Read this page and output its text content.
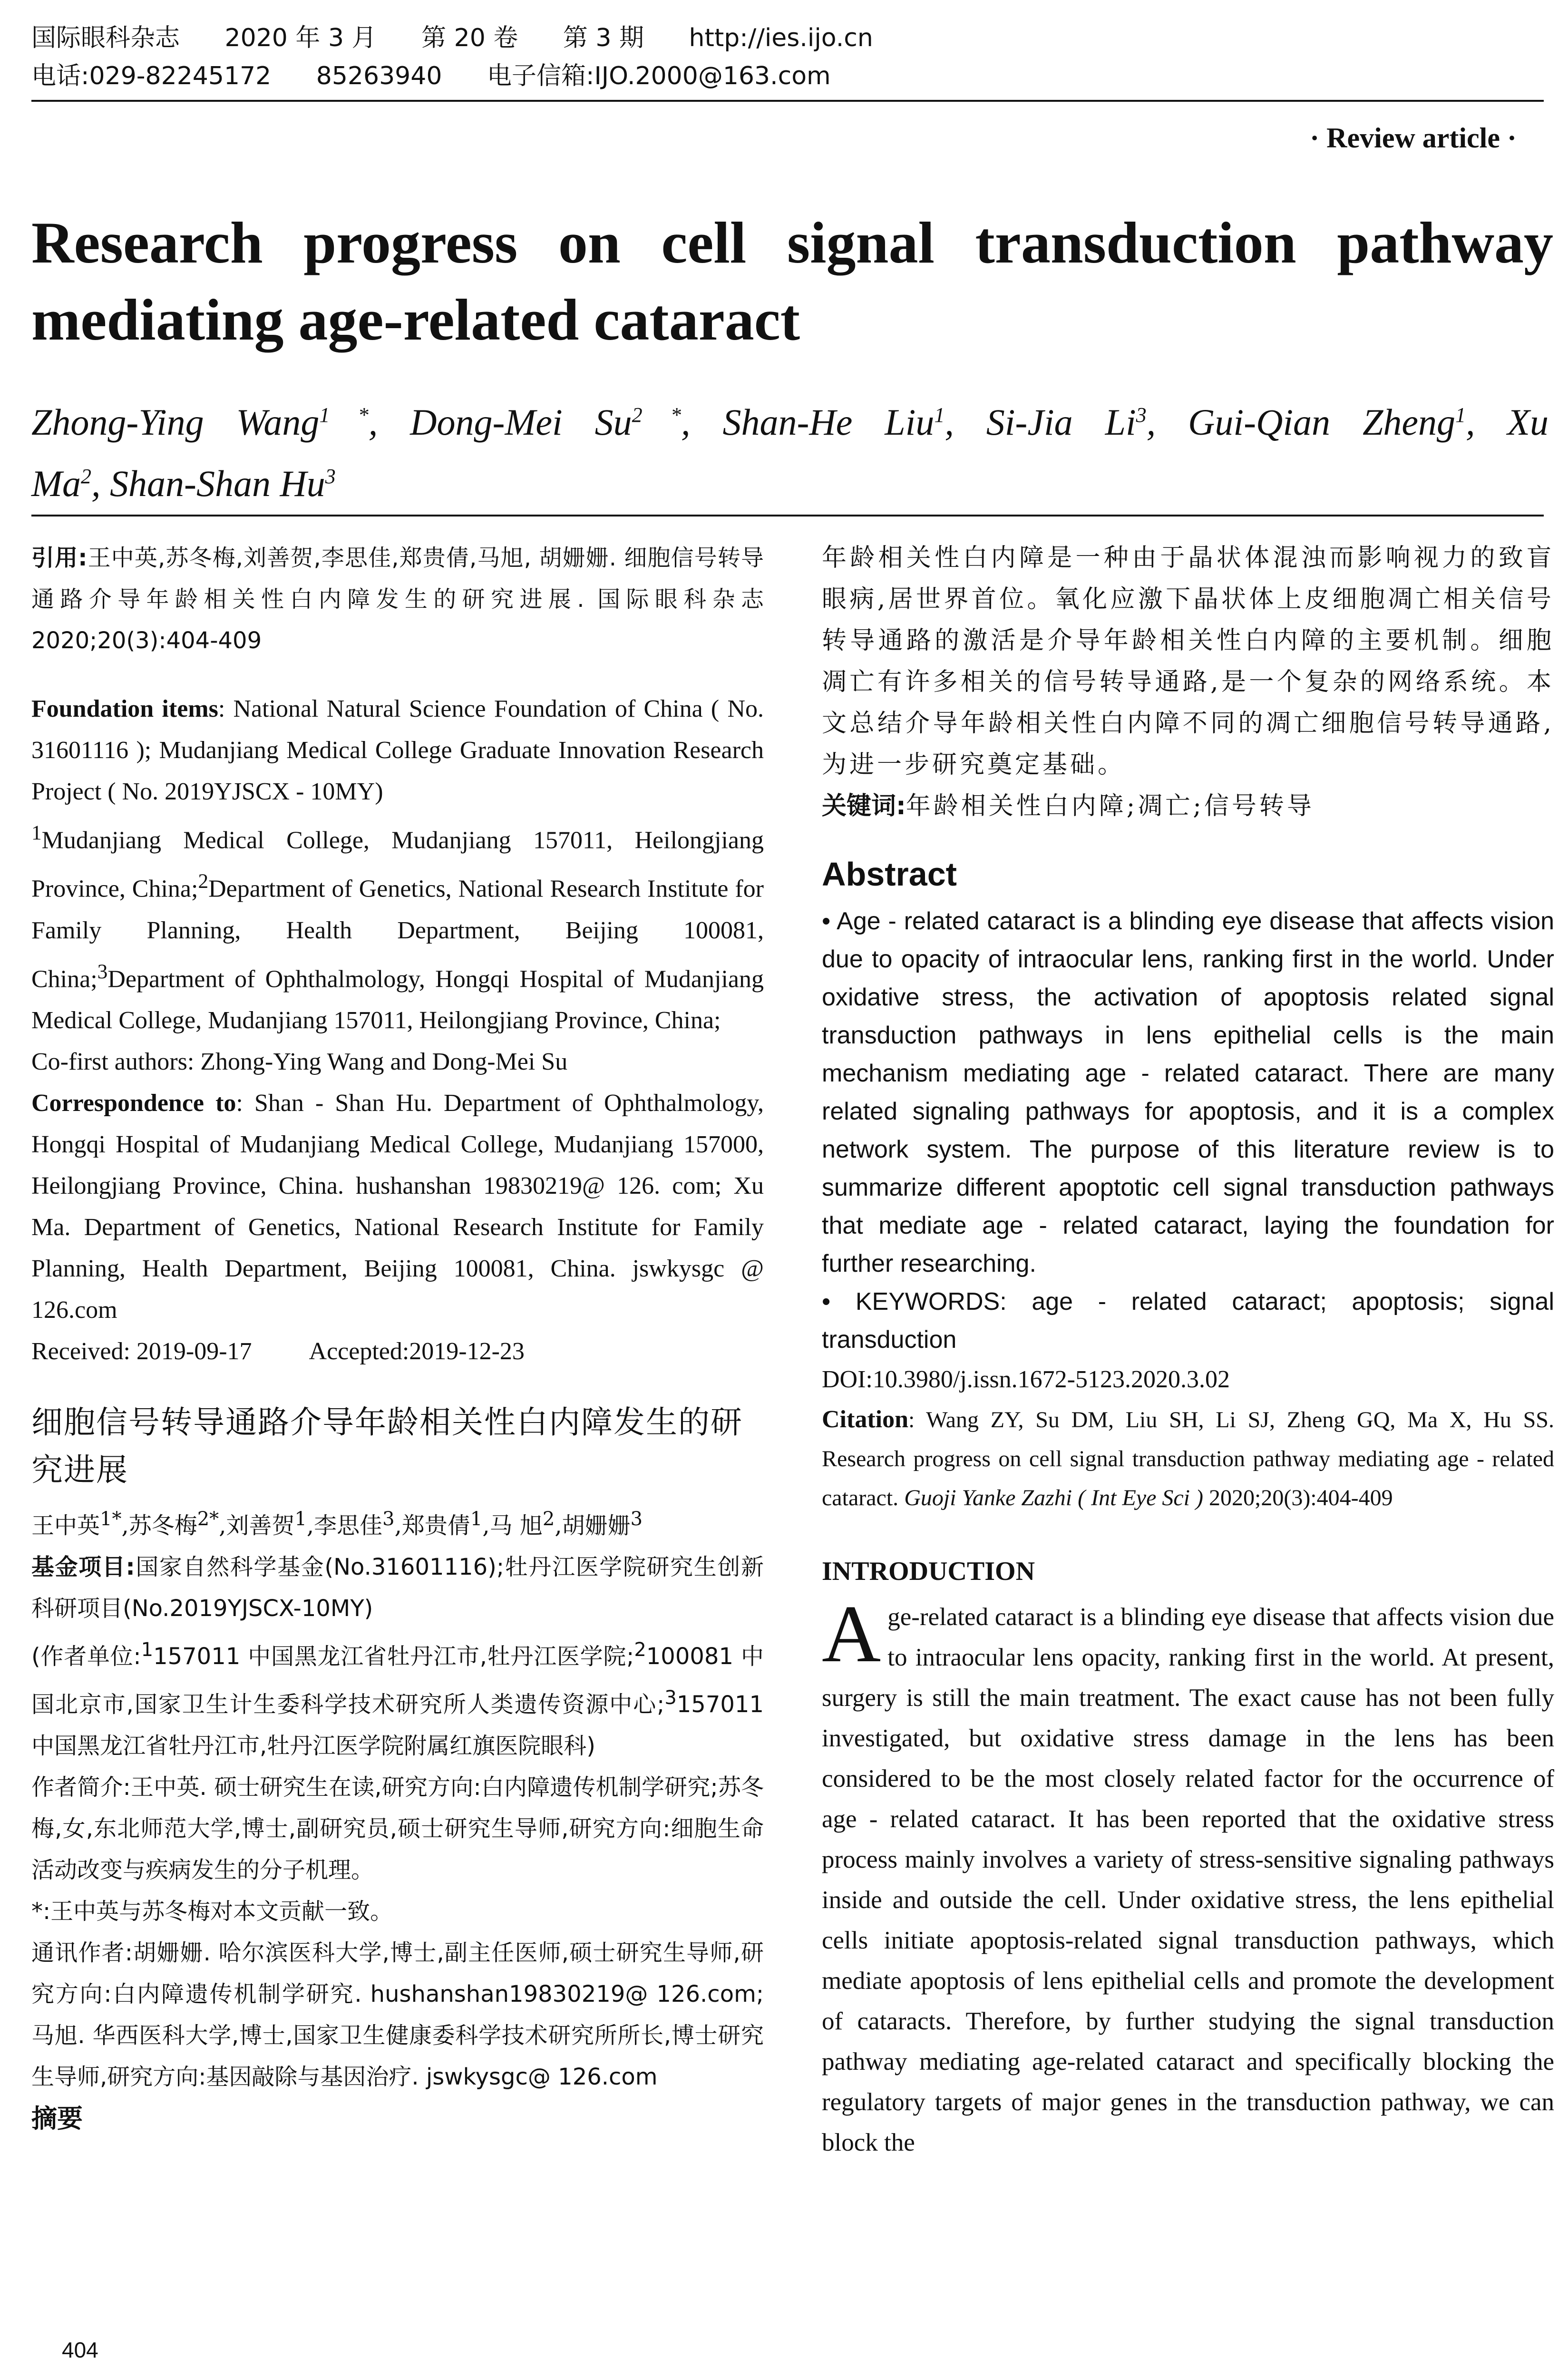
国际眼科杂志 2020 年 3 月 第 20 卷 第 3 期 http://ies.ijo.cn
电话:029-82245172 85263940 电子信箱:IJO.2000@163.com
· Review article ·
Research progress on cell signal transduction pathway
mediating age-related cataract
Zhong-Ying Wang$^{1 *}$, Dong-Mei $Su^{2 *}$, Shan-He Liu$^1$, Si-Jia Li$^3$, Gui-Qian Zheng$^1$, Xu
Ma$^2$, Shan-Shan Hu$^3$

引用:王中英,苏冬梅,刘善贺,李思佳,郑贵倩,马旭, 胡姗姗. 细胞信号转导通路介导年龄相关性白内障发生的研究进展. 国际眼科杂志 2020;20(3):404-409

Foundation items: National Natural Science Foundation of China ( No. 31601116 ); Mudanjiang Medical College Graduate Innovation Research Project ( No. 2019YJSCX - 10MY)

$^1$Mudanjiang Medical College, Mudanjiang 157011, Heilongjiang Province, China;$^2$Department of Genetics, National Research Institute for Family Planning, Health Department, Beijing 100081, China;$^3$Department of Ophthalmology, Hongqi Hospital of Mudanjiang Medical College, Mudanjiang 157011, Heilongjiang Province, China;

Co-first authors: Zhong-Ying Wang and Dong-Mei Su

Correspondence to: Shan - Shan Hu. Department of Ophthalmology, Hongqi Hospital of Mudanjiang Medical College, Mudanjiang 157000, Heilongjiang Province, China. hushanshan 19830219@ 126. com; Xu Ma. Department of Genetics, National Research Institute for Family Planning, Health Department, Beijing 100081, China. jswkysgc @ 126.com

Received: 2019-09-17 Accepted:2019-12-23

细胞信号转导通路介导年龄相关性白内障发生的研究进展

王中英$^{1*}$,苏冬梅$^{2*}$,刘善贺$^1$,李思佳$^3$,郑贵倩$^1$,马 旭$^2$,胡姗姗$^3$

基金项目:国家自然科学基金(No.31601116);牡丹江医学院研究生创新科研项目(No.2019YJSCX-10MY)

(作者单位:$^1$157011 中国黑龙江省牡丹江市,牡丹江医学院;$^2$100081 中国北京市,国家卫生计生委科学技术研究所人类遗传资源中心;$^3$157011 中国黑龙江省牡丹江市,牡丹江医学院附属红旗医院眼科)

作者简介:王中英. 硕士研究生在读,研究方向:白内障遗传机制学研究;苏冬梅,女,东北师范大学,博士,副研究员,硕士研究生导师,研究方向:细胞生命活动改变与疾病发生的分子机理。

*:王中英与苏冬梅对本文贡献一致。

通讯作者:胡姗姗. 哈尔滨医科大学,博士,副主任医师,硕士研究生导师,研究方向:白内障遗传机制学研究. hushanshan19830219@ 126.com;马旭. 华西医科大学,博士,国家卫生健康委科学技术研究所所长,博士研究生导师,研究方向:基因敲除与基因治疗. jswkysgc@ 126.com

摘要

年龄相关性白内障是一种由于晶状体混浊而影响视力的致盲眼病,居世界首位。氧化应激下晶状体上皮细胞凋亡相关信号转导通路的激活是介导年龄相关性白内障的主要机制。细胞凋亡有许多相关的信号转导通路,是一个复杂的网络系统。本文总结介导年龄相关性白内障不同的凋亡细胞信号转导通路,为进一步研究奠定基础。

关键词:年龄相关性白内障;凋亡;信号转导

Abstract

• Age - related cataract is a blinding eye disease that affects vision due to opacity of intraocular lens, ranking first in the world. Under oxidative stress, the activation of apoptosis related signal transduction pathways in lens epithelial cells is the main mechanism mediating age - related cataract. There are many related signaling pathways for apoptosis, and it is a complex network system. The purpose of this literature review is to summarize different apoptotic cell signal transduction pathways that mediate age - related cataract, laying the foundation for further researching.

• KEYWORDS: age - related cataract; apoptosis; signal transduction

DOI:10.3980/j.issn.1672-5123.2020.3.02

Citation: Wang ZY, Su DM, Liu SH, Li SJ, Zheng GQ, Ma X, Hu SS. Research progress on cell signal transduction pathway mediating age - related cataract. Guoji Yanke Zazhi ( Int Eye Sci ) 2020;20(3):404-409

INTRODUCTION

Age-related cataract is a blinding eye disease that affects vision due to intraocular lens opacity, ranking first in the world. At present, surgery is still the main treatment. The exact cause has not been fully investigated, but oxidative stress damage in the lens has been considered to be the most closely related factor for the occurrence of age - related cataract. It has been reported that the oxidative stress process mainly involves a variety of stress-sensitive signaling pathways inside and outside the cell. Under oxidative stress, the lens epithelial cells initiate apoptosis-related signal transduction pathways, which mediate apoptosis of lens epithelial cells and promote the development of cataracts. Therefore, by further studying the signal transduction pathway mediating age-related cataract and specifically blocking the regulatory targets of major genes in the transduction pathway, we can block the

404
